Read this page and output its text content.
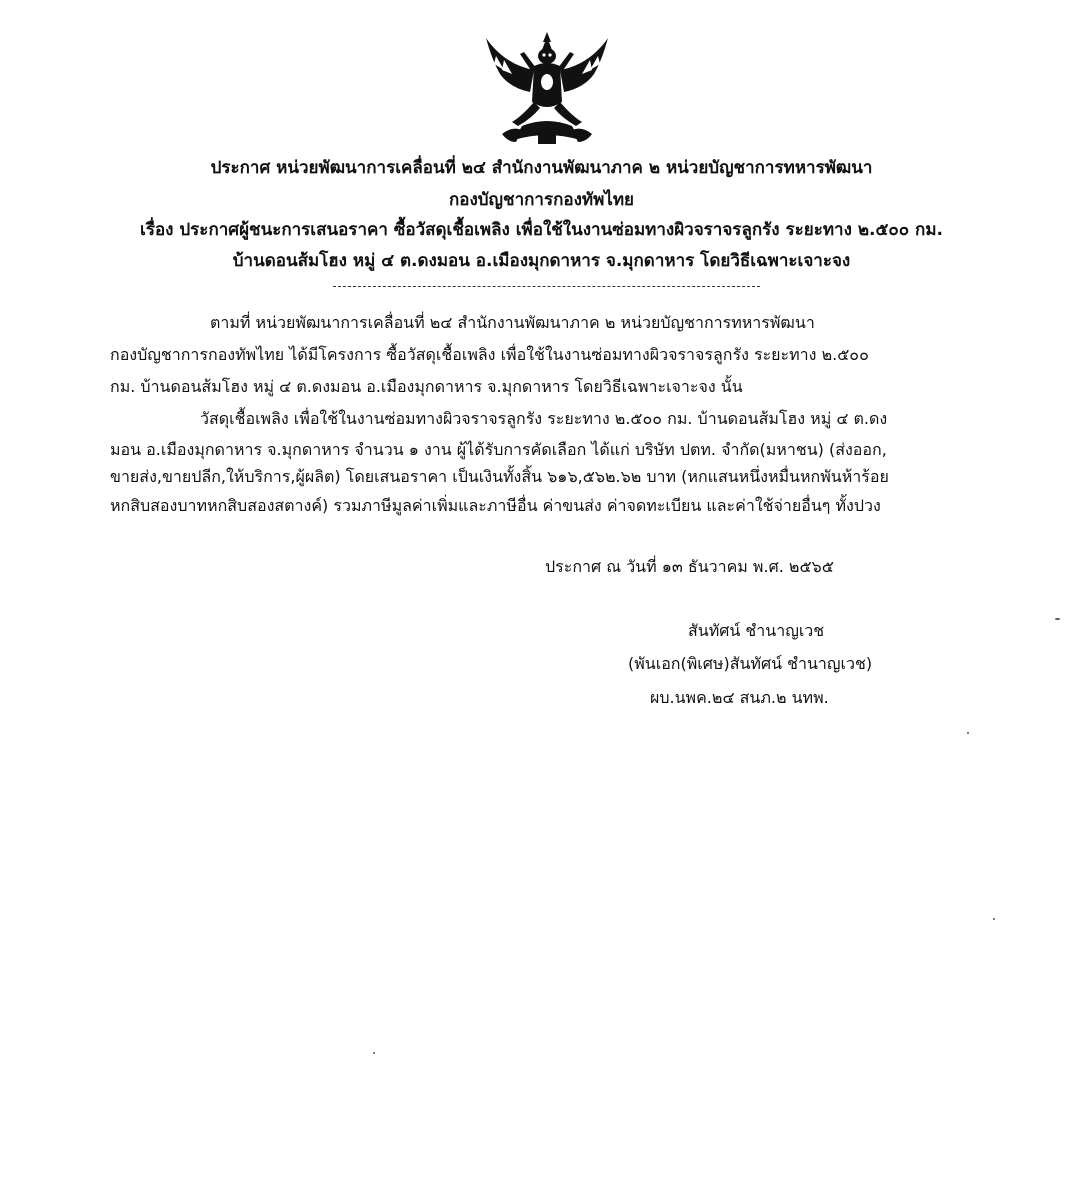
ประกาศ หน่วยพัฒนาการเคลื่อนที่ ๒๔ สำนักงานพัฒนาภาค ๒ หน่วยบัญชาการทหารพัฒนา
กองบัญชาการกองทัพไทย
เรื่อง ประกาศผู้ชนะการเสนอราคา ซื้อวัสดุเชื้อเพลิง เพื่อใช้ในงานซ่อมทางผิวจราจรลูกรัง ระยะทาง ๒.๕๐๐ กม.
บ้านดอนส้มโฮง หมู่ ๔ ต.ดงมอน อ.เมืองมุกดาหาร จ.มุกดาหาร โดยวิธีเฉพาะเจาะจง
ตามที่ หน่วยพัฒนาการเคลื่อนที่ ๒๔ สำนักงานพัฒนาภาค ๒ หน่วยบัญชาการทหารพัฒนา
กองบัญชาการกองทัพไทย ได้มีโครงการ ซื้อวัสดุเชื้อเพลิง เพื่อใช้ในงานซ่อมทางผิวจราจรลูกรัง ระยะทาง ๒.๕๐๐
กม. บ้านดอนส้มโฮง หมู่ ๔ ต.ดงมอน อ.เมืองมุกดาหาร จ.มุกดาหาร โดยวิธีเฉพาะเจาะจง นั้น
วัสดุเชื้อเพลิง เพื่อใช้ในงานซ่อมทางผิวจราจรลูกรัง ระยะทาง ๒.๕๐๐ กม. บ้านดอนส้มโฮง หมู่ ๔ ต.ดง
มอน อ.เมืองมุกดาหาร จ.มุกดาหาร จำนวน ๑ งาน ผู้ได้รับการคัดเลือก ได้แก่ บริษัท ปตท. จำกัด(มหาชน) (ส่งออก,
ขายส่ง,ขายปลีก,ให้บริการ,ผู้ผลิต) โดยเสนอราคา เป็นเงินทั้งสิ้น ๖๑๖,๕๖๒.๖๒ บาท (หกแสนหนึ่งหมื่นหกพันห้าร้อย
หกสิบสองบาทหกสิบสองสตางค์) รวมภาษีมูลค่าเพิ่มและภาษีอื่น ค่าขนส่ง ค่าจดทะเบียน และค่าใช้จ่ายอื่นๆ ทั้งปวง
ประกาศ ณ วันที่ ๑๓ ธันวาคม พ.ศ. ๒๕๖๕
สันทัศน์ ชำนาญเวช
(พันเอก(พิเศษ)สันทัศน์ ชำนาญเวช)
ผบ.นพค.๒๔ สนภ.๒ นทพ.
